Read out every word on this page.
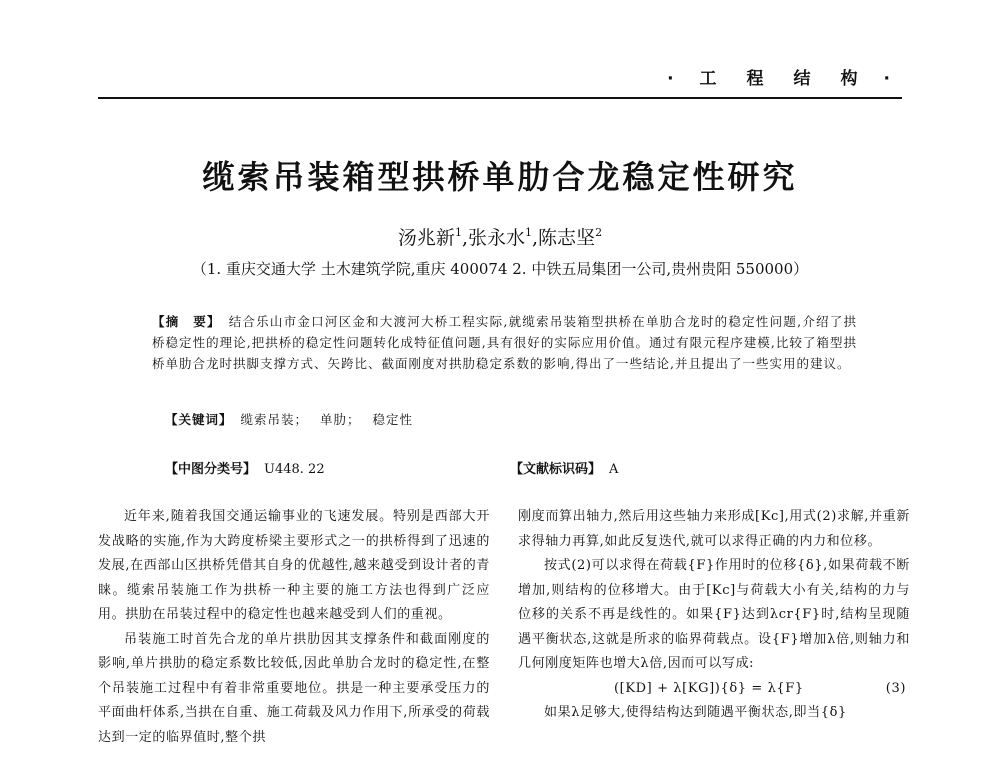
· 工 程 结 构 ·
缆索吊装箱型拱桥单肋合龙稳定性研究
汤兆新$^1$,张永水$^1$,陈志坚$^2$
（1. 重庆交通大学 土木建筑学院,重庆 400074 2. 中铁五局集团一公司,贵州贵阳 550000）
【摘　要】 结合乐山市金口河区金和大渡河大桥工程实际,就缆索吊装箱型拱桥在单肋合龙时的稳定性问题,介绍了拱桥稳定性的理论,把拱桥的稳定性问题转化成特征值问题,具有很好的实际应用价值。通过有限元程序建模,比较了箱型拱桥单肋合龙时拱脚支撑方式、矢跨比、截面刚度对拱肋稳定系数的影响,得出了一些结论,并且提出了一些实用的建议。
【关键词】 缆索吊装； 单肋； 稳定性
【中图分类号】 U448. 22	【文献标识码】 A

近年来,随着我国交通运输事业的飞速发展。特别是西部大开发战略的实施,作为大跨度桥梁主要形式之一的拱桥得到了迅速的发展,在西部山区拱桥凭借其自身的优越性,越来越受到设计者的青睐。缆索吊装施工作为拱桥一种主要的施工方法也得到广泛应用。拱肋在吊装过程中的稳定性也越来越受到人们的重视。

吊装施工时首先合龙的单片拱肋因其支撑条件和截面刚度的影响,单片拱肋的稳定系数比较低,因此单肋合龙时的稳定性,在整个吊装施工过程中有着非常重要地位。拱是一种主要承受压力的平面曲杆体系,当拱在自重、施工荷载及风力作用下,所承受的荷载达到一定的临界值时,整个拱

刚度而算出轴力,然后用这些轴力来形成[Kc],用式(2)求解,并重新求得轴力再算,如此反复迭代,就可以求得正确的内力和位移。

按式(2)可以求得在荷载{F}作用时的位移{δ},如果荷载不断增加,则结构的位移增大。由于[Kc]与荷载大小有关,结构的力与位移的关系不再是线性的。如果{F}达到λcr{F}时,结构呈现随遇平衡状态,这就是所求的临界荷载点。设{F}增加λ倍,则轴力和几何刚度矩阵也增大λ倍,因而可以写成:

([KD] + λ[KG]){δ} = λ{F}	(3)

如果λ足够大,使得结构达到随遇平衡状态,即当{δ}
